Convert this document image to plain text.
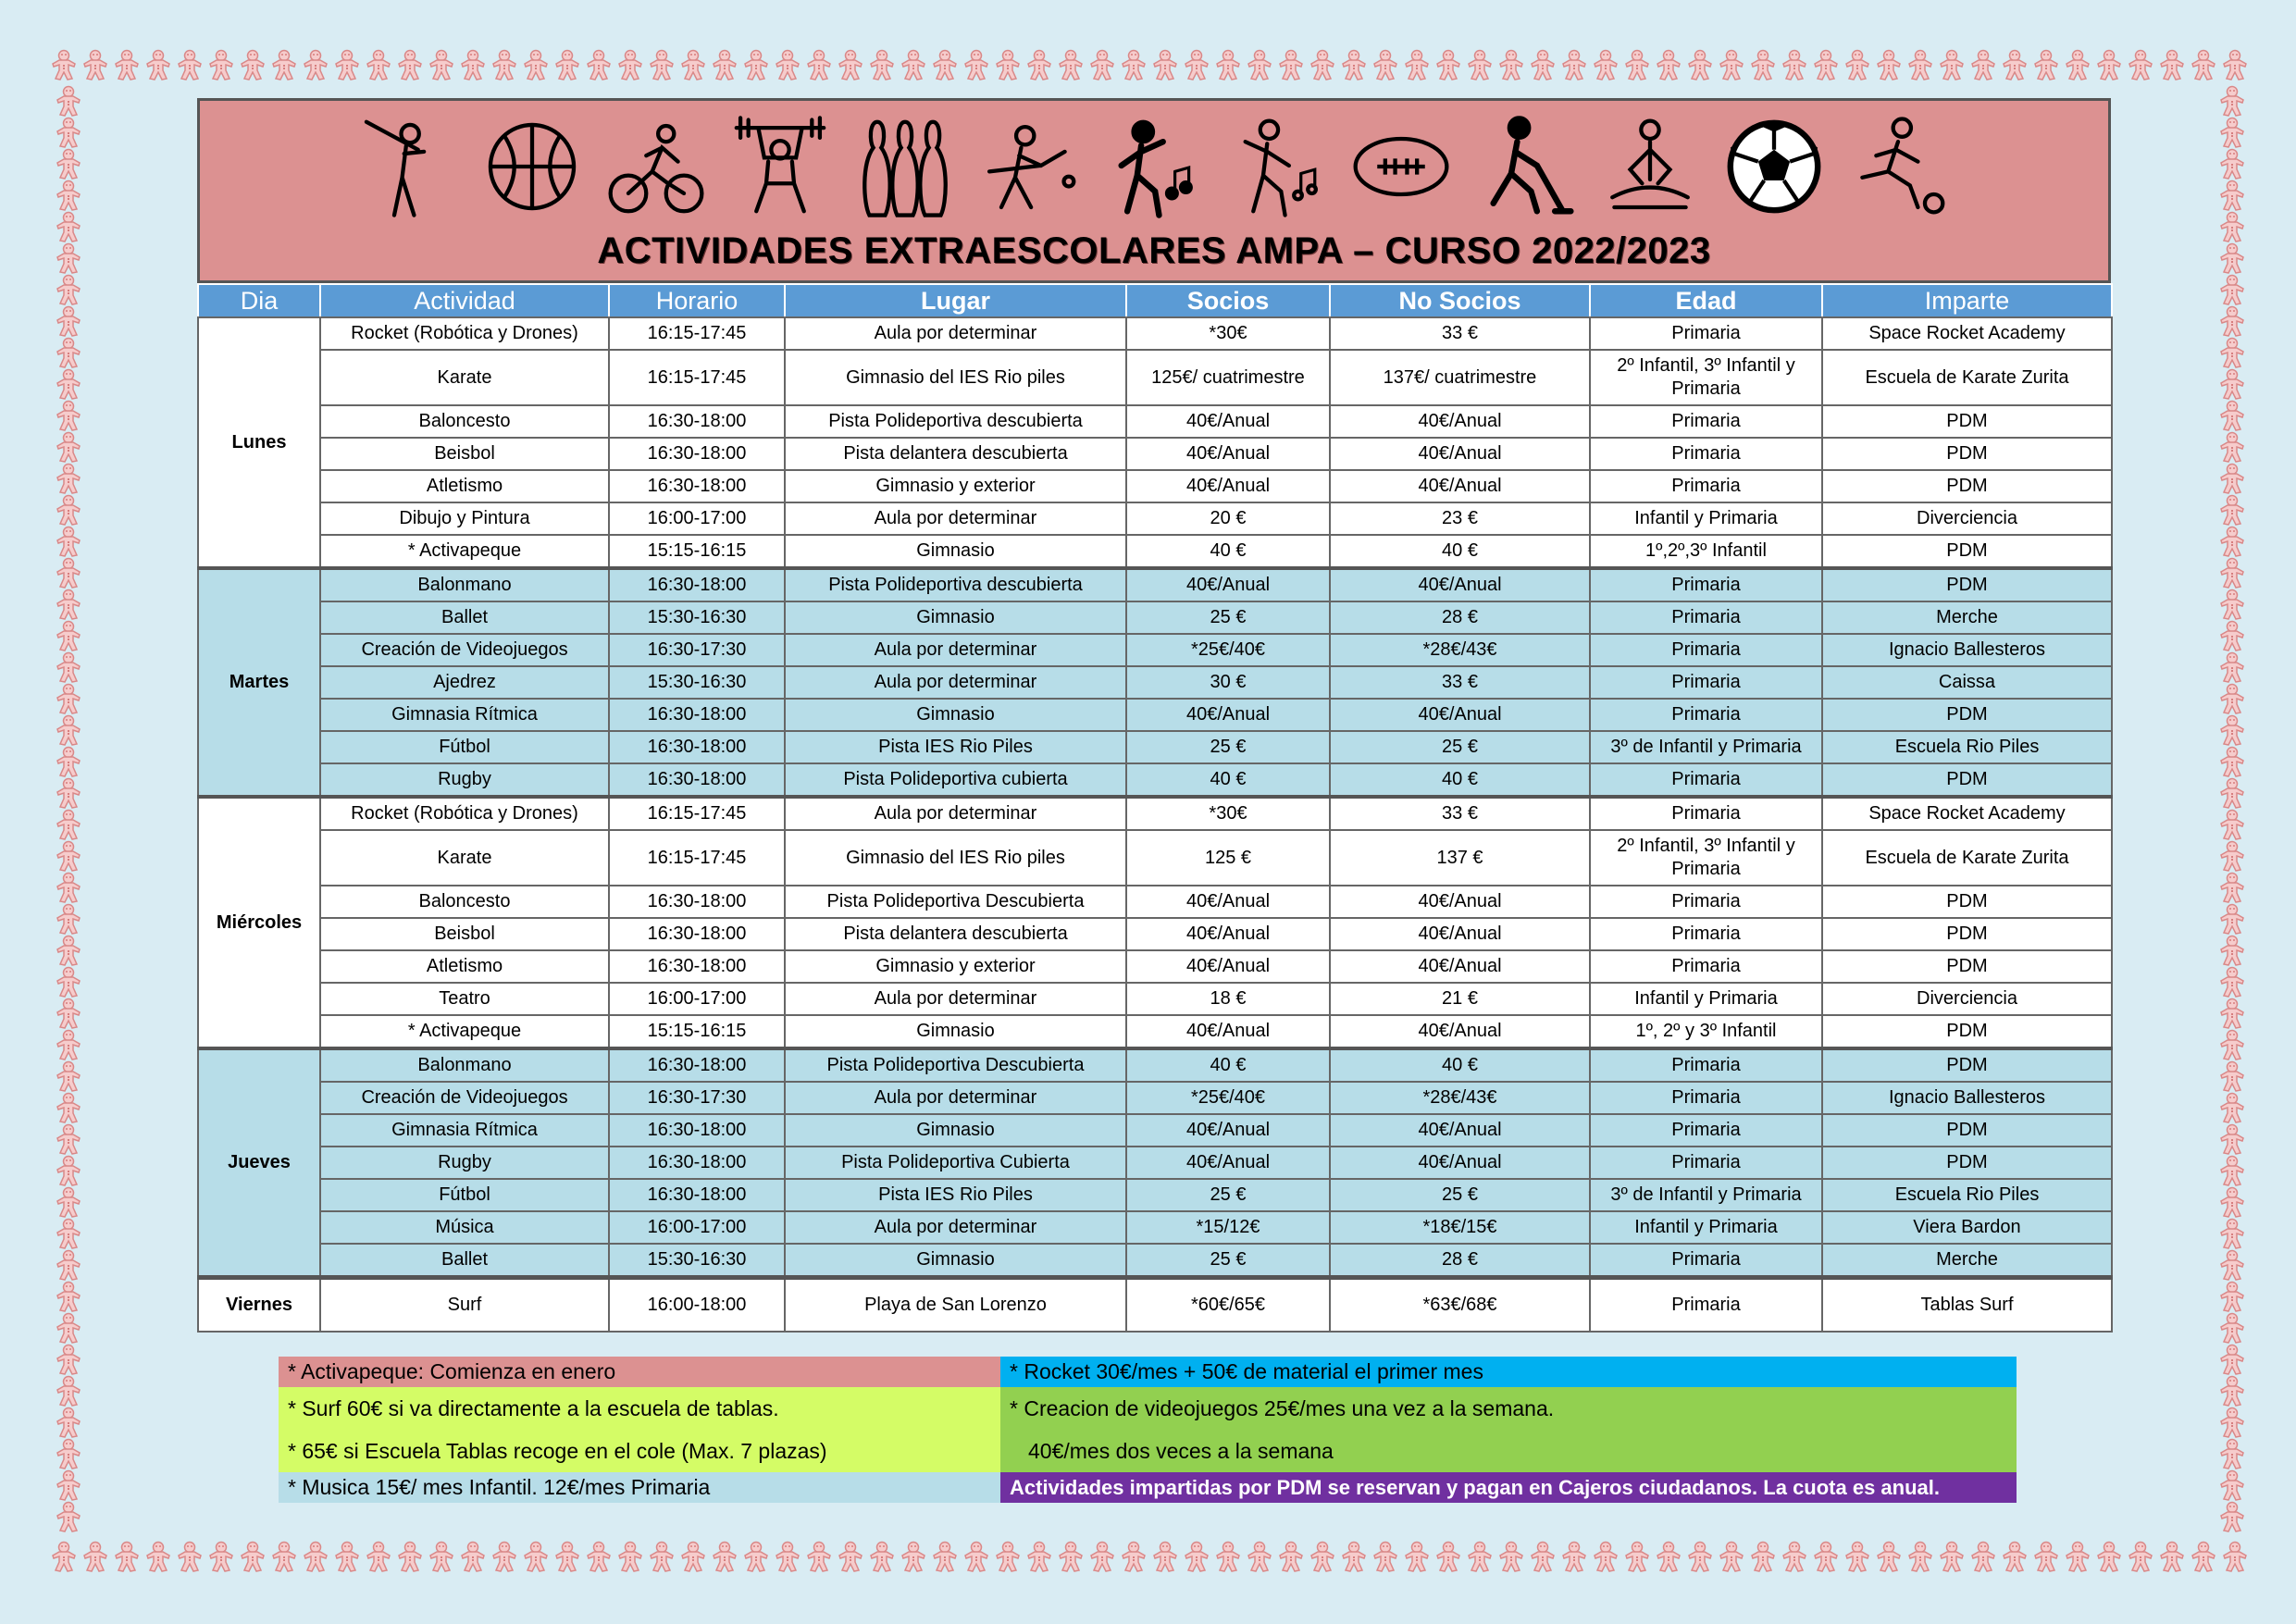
ACTIVIDADES EXTRAESCOLARES AMPA – CURSO 2022/2023
Dia	Actividad	Horario	Lugar	Socios	No Socios	Edad	Imparte
Lunes	Rocket (Robótica y Drones)	16:15-17:45	Aula por determinar	*30€	33 €	Primaria	Space Rocket Academy
	Karate	16:15-17:45	Gimnasio del IES Rio piles	125€/ cuatrimestre	137€/ cuatrimestre	2º Infantil, 3º Infantil y Primaria	Escuela de Karate Zurita
	Baloncesto	16:30-18:00	Pista Polideportiva descubierta	40€/Anual	40€/Anual	Primaria	PDM
	Beisbol	16:30-18:00	Pista delantera descubierta	40€/Anual	40€/Anual	Primaria	PDM
	Atletismo	16:30-18:00	Gimnasio y exterior	40€/Anual	40€/Anual	Primaria	PDM
	Dibujo y Pintura	16:00-17:00	Aula por determinar	20 €	23 €	Infantil y Primaria	Diverciencia
	* Activapeque	15:15-16:15	Gimnasio	40 €	40 €	1º,2º,3º Infantil	PDM
Martes	Balonmano	16:30-18:00	Pista Polideportiva descubierta	40€/Anual	40€/Anual	Primaria	PDM
	Ballet	15:30-16:30	Gimnasio	25 €	28 €	Primaria	Merche
	Creación de Videojuegos	16:30-17:30	Aula por determinar	*25€/40€	*28€/43€	Primaria	Ignacio Ballesteros
	Ajedrez	15:30-16:30	Aula por determinar	30 €	33 €	Primaria	Caissa
	Gimnasia Rítmica	16:30-18:00	Gimnasio	40€/Anual	40€/Anual	Primaria	PDM
	Fútbol	16:30-18:00	Pista IES Rio Piles	25 €	25 €	3º de Infantil y Primaria	Escuela Rio Piles
	Rugby	16:30-18:00	Pista Polideportiva cubierta	40 €	40 €	Primaria	PDM
Miércoles	Rocket (Robótica y Drones)	16:15-17:45	Aula por determinar	*30€	33 €	Primaria	Space Rocket Academy
	Karate	16:15-17:45	Gimnasio del IES Rio piles	125 €	137 €	2º Infantil, 3º Infantil y Primaria	Escuela de Karate Zurita
	Baloncesto	16:30-18:00	Pista Polideportiva Descubierta	40€/Anual	40€/Anual	Primaria	PDM
	Beisbol	16:30-18:00	Pista delantera descubierta	40€/Anual	40€/Anual	Primaria	PDM
	Atletismo	16:30-18:00	Gimnasio y exterior	40€/Anual	40€/Anual	Primaria	PDM
	Teatro	16:00-17:00	Aula por determinar	18 €	21 €	Infantil y Primaria	Diverciencia
	* Activapeque	15:15-16:15	Gimnasio	40€/Anual	40€/Anual	1º, 2º y 3º Infantil	PDM
Jueves	Balonmano	16:30-18:00	Pista Polideportiva Descubierta	40 €	40 €	Primaria	PDM
	Creación de Videojuegos	16:30-17:30	Aula por determinar	*25€/40€	*28€/43€	Primaria	Ignacio Ballesteros
	Gimnasia Rítmica	16:30-18:00	Gimnasio	40€/Anual	40€/Anual	Primaria	PDM
	Rugby	16:30-18:00	Pista Polideportiva Cubierta	40€/Anual	40€/Anual	Primaria	PDM
	Fútbol	16:30-18:00	Pista IES Rio Piles	25 €	25 €	3º de Infantil y Primaria	Escuela Rio Piles
	Música	16:00-17:00	Aula por determinar	*15/12€	*18€/15€	Infantil y Primaria	Viera Bardon
	Ballet	15:30-16:30	Gimnasio	25 €	28 €	Primaria	Merche
Viernes	Surf	16:00-18:00	Playa de San Lorenzo	*60€/65€	*63€/68€	Primaria	Tablas Surf
* Activapeque: Comienza en enero	* Rocket 30€/mes + 50€ de material el primer mes
* Surf 60€ si va directamente a la escuela de tablas.
* 65€ si Escuela Tablas recoge en el cole (Max. 7 plazas)
* Creacion de videojuegos 25€/mes una vez a la semana.
40€/mes dos veces a la semana
* Musica 15€/ mes Infantil. 12€/mes Primaria	Actividades impartidas por PDM se reservan y pagan en Cajeros ciudadanos. La cuota es anual.
